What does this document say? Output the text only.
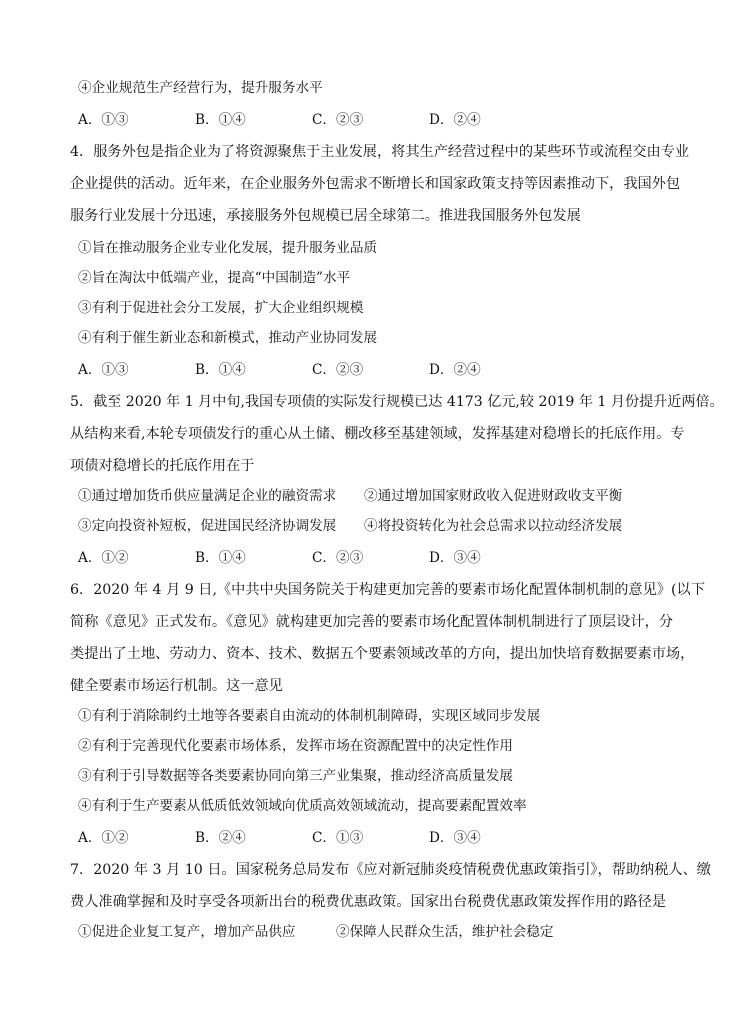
④企业规范生产经营行为，提升服务水平
A．①③	B．①④	C．②③	D．②④
4．服务外包是指企业为了将资源聚焦于主业发展，将其生产经营过程中的某些环节或流程交由专业
企业提供的活动。近年来，在企业服务外包需求不断增长和国家政策支持等因素推动下，我国外包
服务行业发展十分迅速，承接服务外包规模已居全球第二。推进我国服务外包发展
①旨在推动服务企业专业化发展，提升服务业品质
②旨在淘汰中低端产业，提高“中国制造”水平
③有利于促进社会分工发展，扩大企业组织规模
④有利于催生新业态和新模式，推动产业协同发展
A．①③	B．①④	C．②③	D．②④
5．截至 2020 年 1 月中旬,我国专项债的实际发行规模已达 4173 亿元,较 2019 年 1 月份提升近两倍。
从结构来看,本轮专项债发行的重心从土储、棚改移至基建领域，发挥基建对稳增长的托底作用。专
项债对稳增长的托底作用在于
①通过增加货币供应量满足企业的融资需求 ②通过增加国家财政收入促进财政收支平衡
③定向投资补短板，促进国民经济协调发展 ④将投资转化为社会总需求以拉动经济发展
A．①②	B．①④	C．②③	D．③④
6．2020 年 4 月 9 日,《中共中央国务院关于构建更加完善的要素市场化配置体制机制的意见》(以下
简称《意见》正式发布。《意见》就构建更加完善的要素市场化配置体制机制进行了顶层设计，分
类提出了土地、劳动力、资本、技术、数据五个要素领域改革的方向，提出加快培育数据要素市场，
健全要素市场运行机制。这一意见
①有利于消除制约土地等各要素自由流动的体制机制障碍，实现区域同步发展
②有利于完善现代化要素市场体系，发挥市场在资源配置中的决定性作用
③有利于引导数据等各类要素协同向第三产业集聚，推动经济高质量发展
④有利于生产要素从低质低效领域向优质高效领域流动，提高要素配置效率
A．①②	B．②④	C．①③	D．③④
7．2020 年 3 月 10 日。国家税务总局发布《应对新冠肺炎疫情税费优惠政策指引》，帮助纳税人、缴
费人准确掌握和及时享受各项新出台的税费优惠政策。国家出台税费优惠政策发挥作用的路径是
①促进企业复工复产，增加产品供应	②保障人民群众生活，维护社会稳定
